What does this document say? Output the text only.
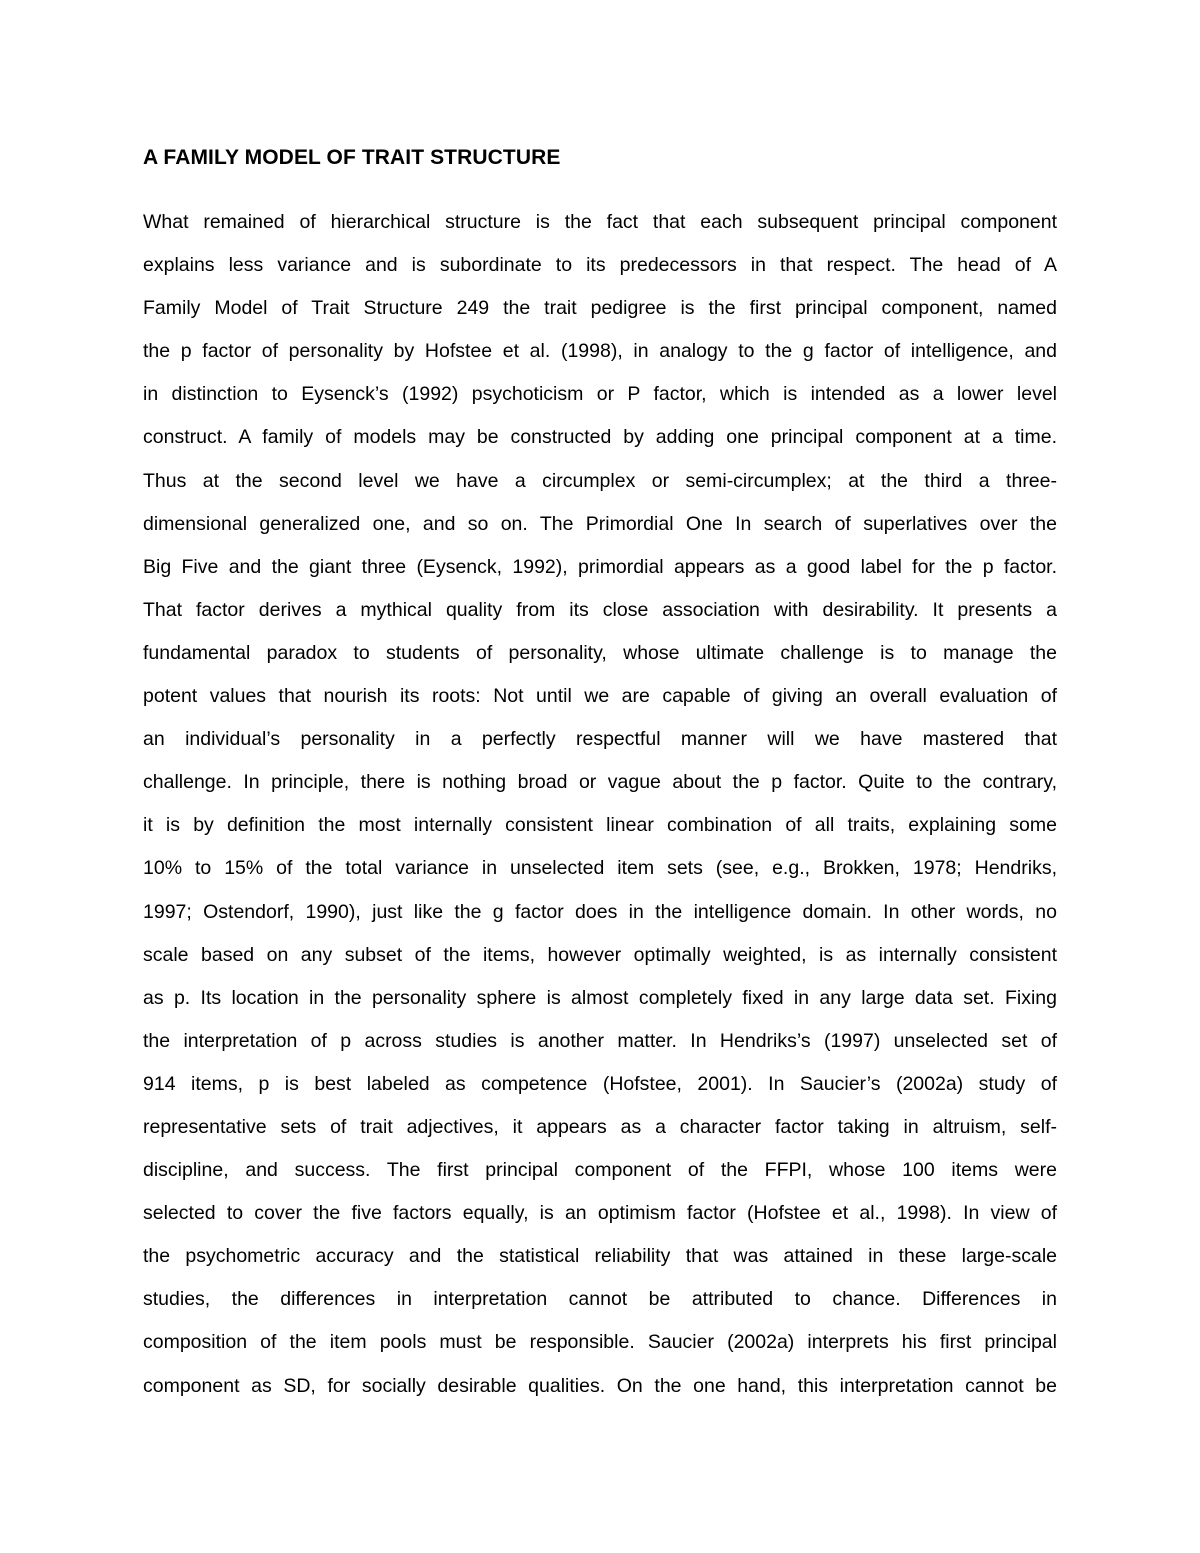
A FAMILY MODEL OF TRAIT STRUCTURE
What remained of hierarchical structure is the fact that each subsequent principal component
explains less variance and is subordinate to its predecessors in that respect. The head of A
Family Model of Trait Structure 249 the trait pedigree is the first principal component, named
the p factor of personality by Hofstee et al. (1998), in analogy to the g factor of intelligence, and
in distinction to Eysenck’s (1992) psychoticism or P factor, which is intended as a lower level
construct. A family of models may be constructed by adding one principal component at a time.
Thus at the second level we have a circumplex or semi-circumplex; at the third a three-
dimensional generalized one, and so on. The Primordial One In search of superlatives over the
Big Five and the giant three (Eysenck, 1992), primordial appears as a good label for the p factor.
That factor derives a mythical quality from its close association with desirability. It presents a
fundamental paradox to students of personality, whose ultimate challenge is to manage the
potent values that nourish its roots: Not until we are capable of giving an overall evaluation of
an individual’s personality in a perfectly respectful manner will we have mastered that
challenge. In principle, there is nothing broad or vague about the p factor. Quite to the contrary,
it is by definition the most internally consistent linear combination of all traits, explaining some
10% to 15% of the total variance in unselected item sets (see, e.g., Brokken, 1978; Hendriks,
1997; Ostendorf, 1990), just like the g factor does in the intelligence domain. In other words, no
scale based on any subset of the items, however optimally weighted, is as internally consistent
as p. Its location in the personality sphere is almost completely fixed in any large data set. Fixing
the interpretation of p across studies is another matter. In Hendriks’s (1997) unselected set of
914 items, p is best labeled as competence (Hofstee, 2001). In Saucier’s (2002a) study of
representative sets of trait adjectives, it appears as a character factor taking in altruism, self-
discipline, and success. The first principal component of the FFPI, whose 100 items were
selected to cover the five factors equally, is an optimism factor (Hofstee et al., 1998). In view of
the psychometric accuracy and the statistical reliability that was attained in these large-scale
studies, the differences in interpretation cannot be attributed to chance. Differences in
composition of the item pools must be responsible. Saucier (2002a) interprets his first principal
component as SD, for socially desirable qualities. On the one hand, this interpretation cannot be
